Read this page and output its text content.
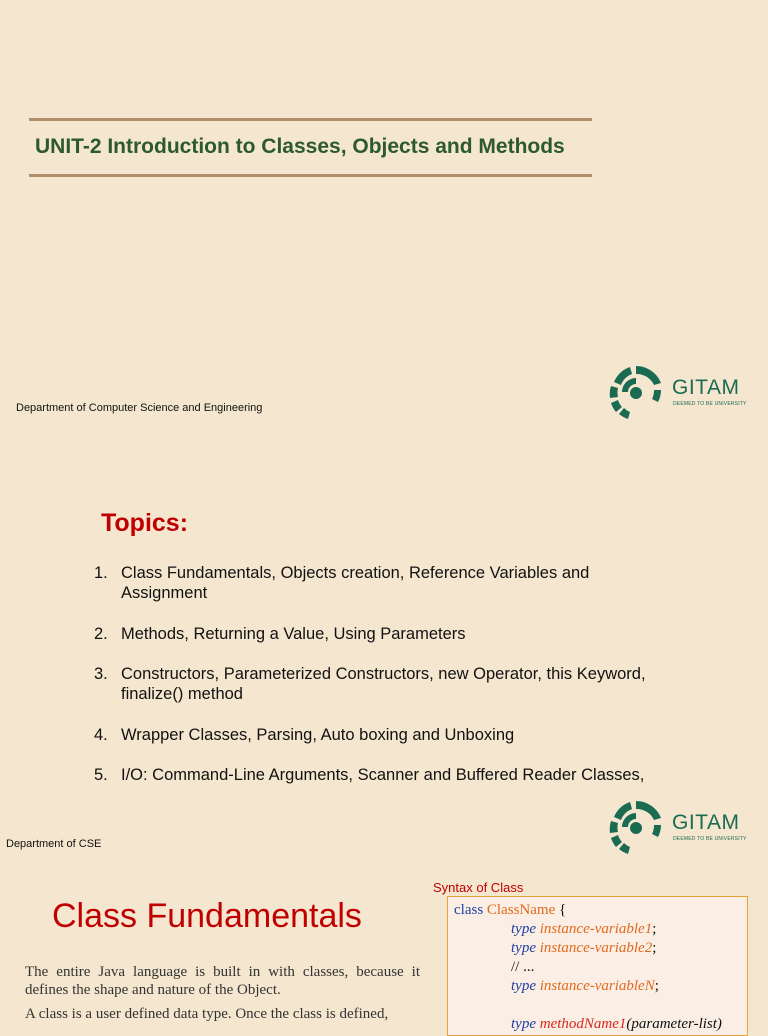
UNIT-2 Introduction to Classes, Objects and Methods
Department of Computer Science and Engineering
GITAM
DEEMED TO BE UNIVERSITY
Topics:
1. Class Fundamentals, Objects creation, Reference Variables and Assignment
2. Methods, Returning a Value, Using Parameters
3. Constructors, Parameterized Constructors, new Operator, this Keyword, finalize() method
4. Wrapper Classes, Parsing, Auto boxing and Unboxing
5. I/O: Command-Line Arguments, Scanner and Buffered Reader Classes,
Department of CSE
GITAM
DEEMED TO BE UNIVERSITY
Class Fundamentals
The entire Java language is built in with classes, because it defines the shape and nature of the Object.
A class is a user defined data type. Once the class is defined,
Syntax of Class
class ClassName {
type instance-variable1;
type instance-variable2;
// ...
type instance-variableN;
type methodName1(parameter-list)
